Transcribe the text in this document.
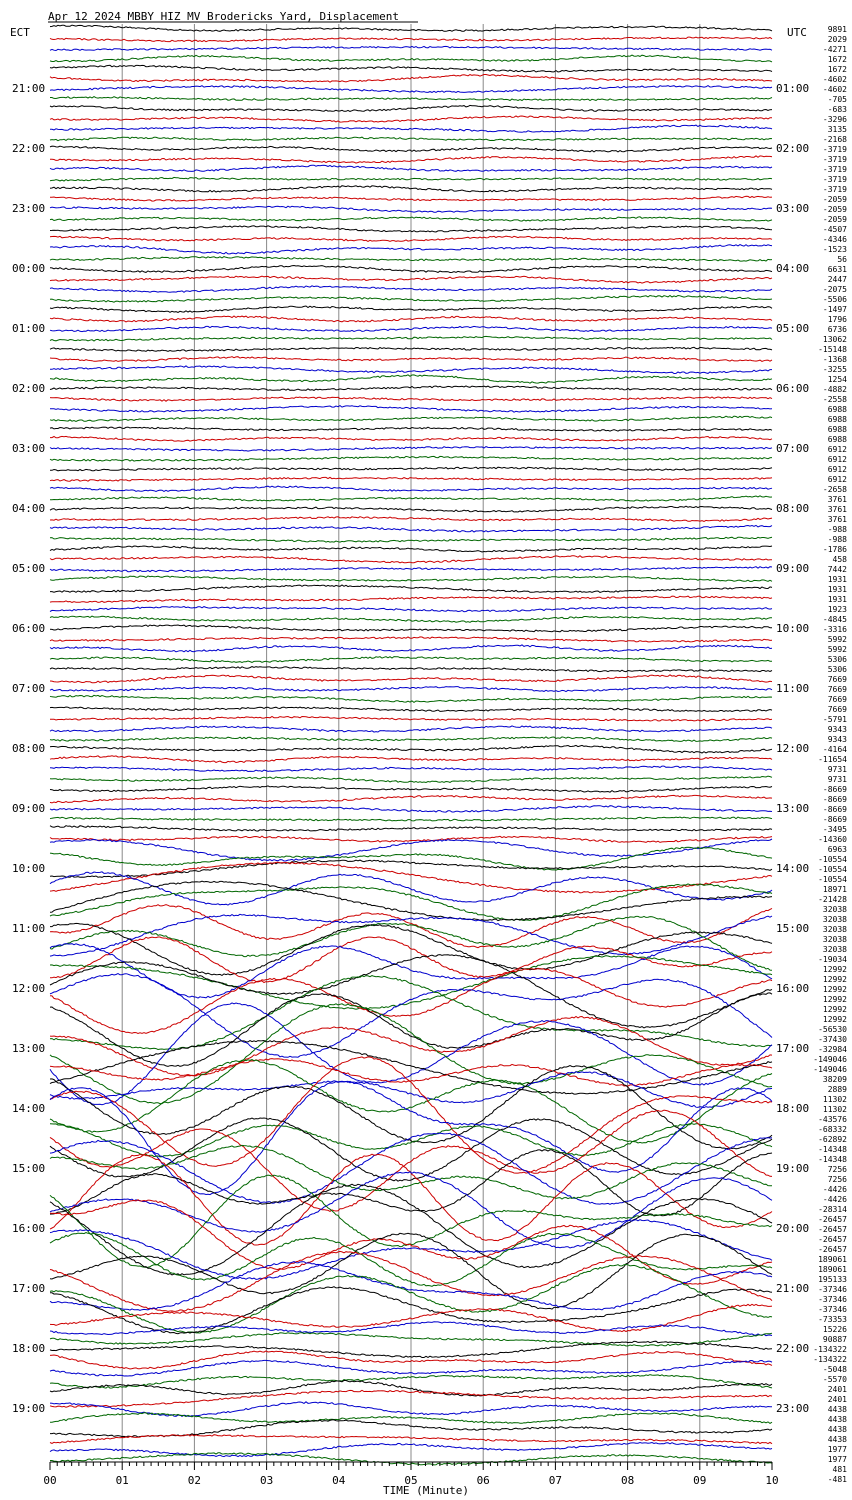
Apr 12 2024 MBBY HIZ MV Brodericks Yard, Displacement
ECT	UTC
21:00
22:00
23:00
00:00
01:00
02:00
03:00
04:00
05:00
06:00
07:00
08:00
09:00
10:00
11:00
12:00
13:00
14:00
15:00
16:00
17:00
18:00
19:00
01:00
02:00
03:00
04:00
05:00
06:00
07:00
08:00
09:00
10:00
11:00
12:00
13:00
14:00
15:00
16:00
17:00
18:00
19:00
20:00
21:00
22:00
23:00
9891
2029
-4271
1672
1672
-4602
-4602
-705
-683
-3296
3135
-2168
-3719
-3719
-3719
-3719
-3719
-2059
-2059
-2059
-4507
-4346
-1523
56
6631
2447
-2075
-5506
-1497
1796
6736
13062
-15148
-1368
-3255
1254
-4882
-2558
6988
6988
6988
6988
6912
6912
6912
6912
-2658
3761
3761
3761
-988
-988
-1786
458
7442
1931
1931
1931
1923
-4845
-3316
5992
5992
5306
5306
7669
7669
7669
7669
-5791
9343
9343
-4164
-11654
9731
9731
-8669
-8669
-8669
-8669
-3495
-14360
6963
-10554
-10554
-10554
18971
-21428
32038
32038
32038
32038
32038
-19034
12992
12992
12992
12992
12992
12992
-56530
-37430
-32984
-149046
-149046
38209
2889
11302
11302
-43576
-68332
-62892
-14348
-14348
7256
7256
-4426
-4426
-28314
-26457
-26457
-26457
-26457
189061
189061
195133
-37346
-37346
-37346
-73353
15226
90887
-134322
-134322
-5048
-5570
2401
2401
4438
4438
4438
4438
1977
1977
481
-481
00	01	02	03	04	05	06	07	08	09	10
TIME (Minute)
